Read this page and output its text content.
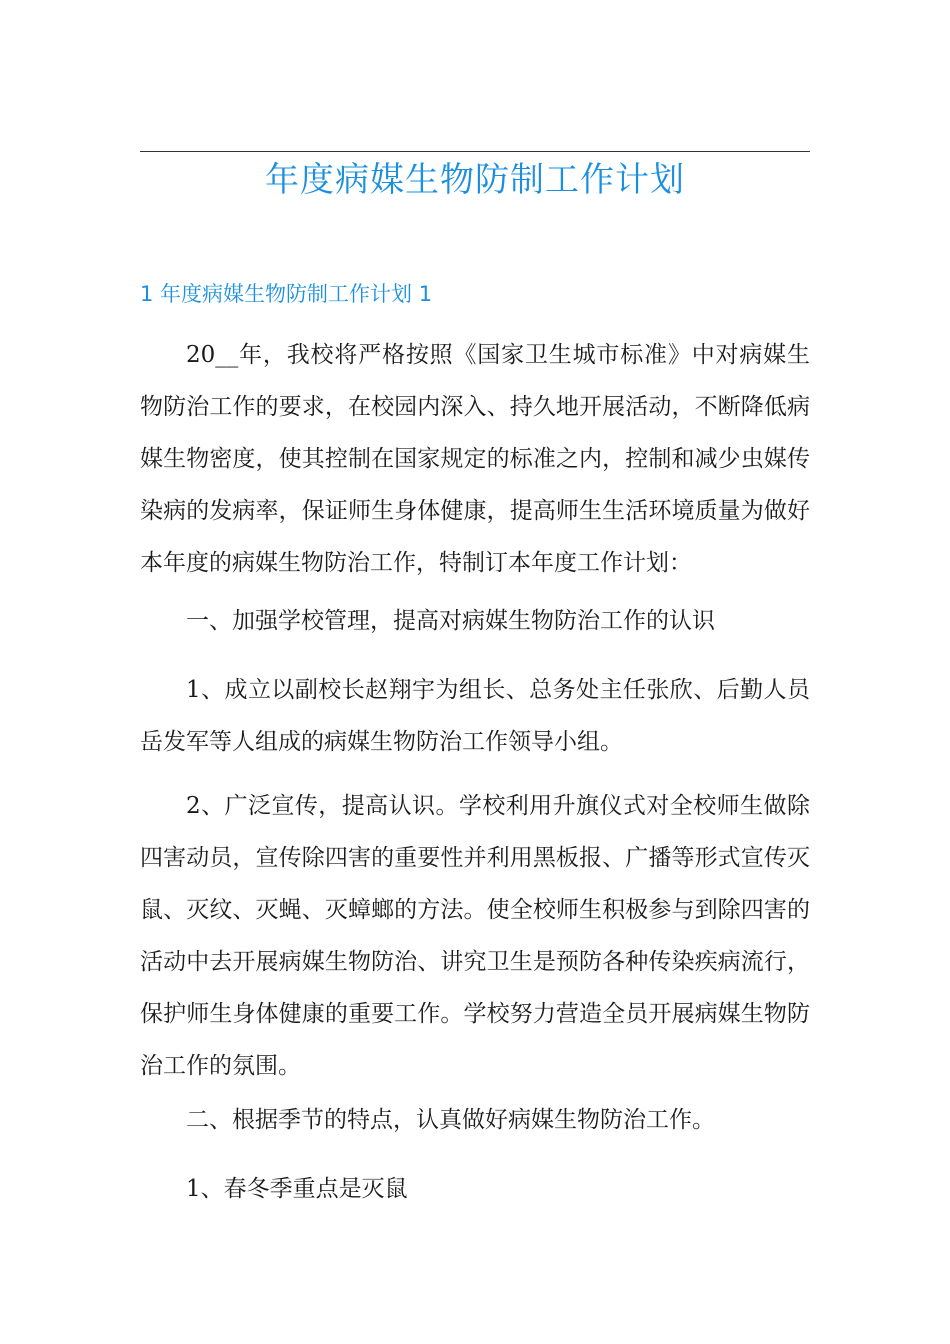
年度病媒生物防制工作计划
1 年度病媒生物防制工作计划 1

20__年，我校将严格按照《国家卫生城市标准》中对病媒生物防治工作的要求，在校园内深入、持久地开展活动，不断降低病媒生物密度，使其控制在国家规定的标准之内，控制和减少虫媒传染病的发病率，保证师生身体健康，提高师生生活环境质量为做好本年度的病媒生物防治工作，特制订本年度工作计划：

一、加强学校管理，提高对病媒生物防治工作的认识

1、成立以副校长赵翔宇为组长、总务处主任张欣、后勤人员岳发军等人组成的病媒生物防治工作领导小组。

2、广泛宣传，提高认识。学校利用升旗仪式对全校师生做除四害动员，宣传除四害的重要性并利用黑板报、广播等形式宣传灭鼠、灭纹、灭蝇、灭蟑螂的方法。使全校师生积极参与到除四害的活动中去开展病媒生物防治、讲究卫生是预防各种传染疾病流行，保护师生身体健康的重要工作。学校努力营造全员开展病媒生物防治工作的氛围。

二、根据季节的特点，认真做好病媒生物防治工作。

1、春冬季重点是灭鼠
